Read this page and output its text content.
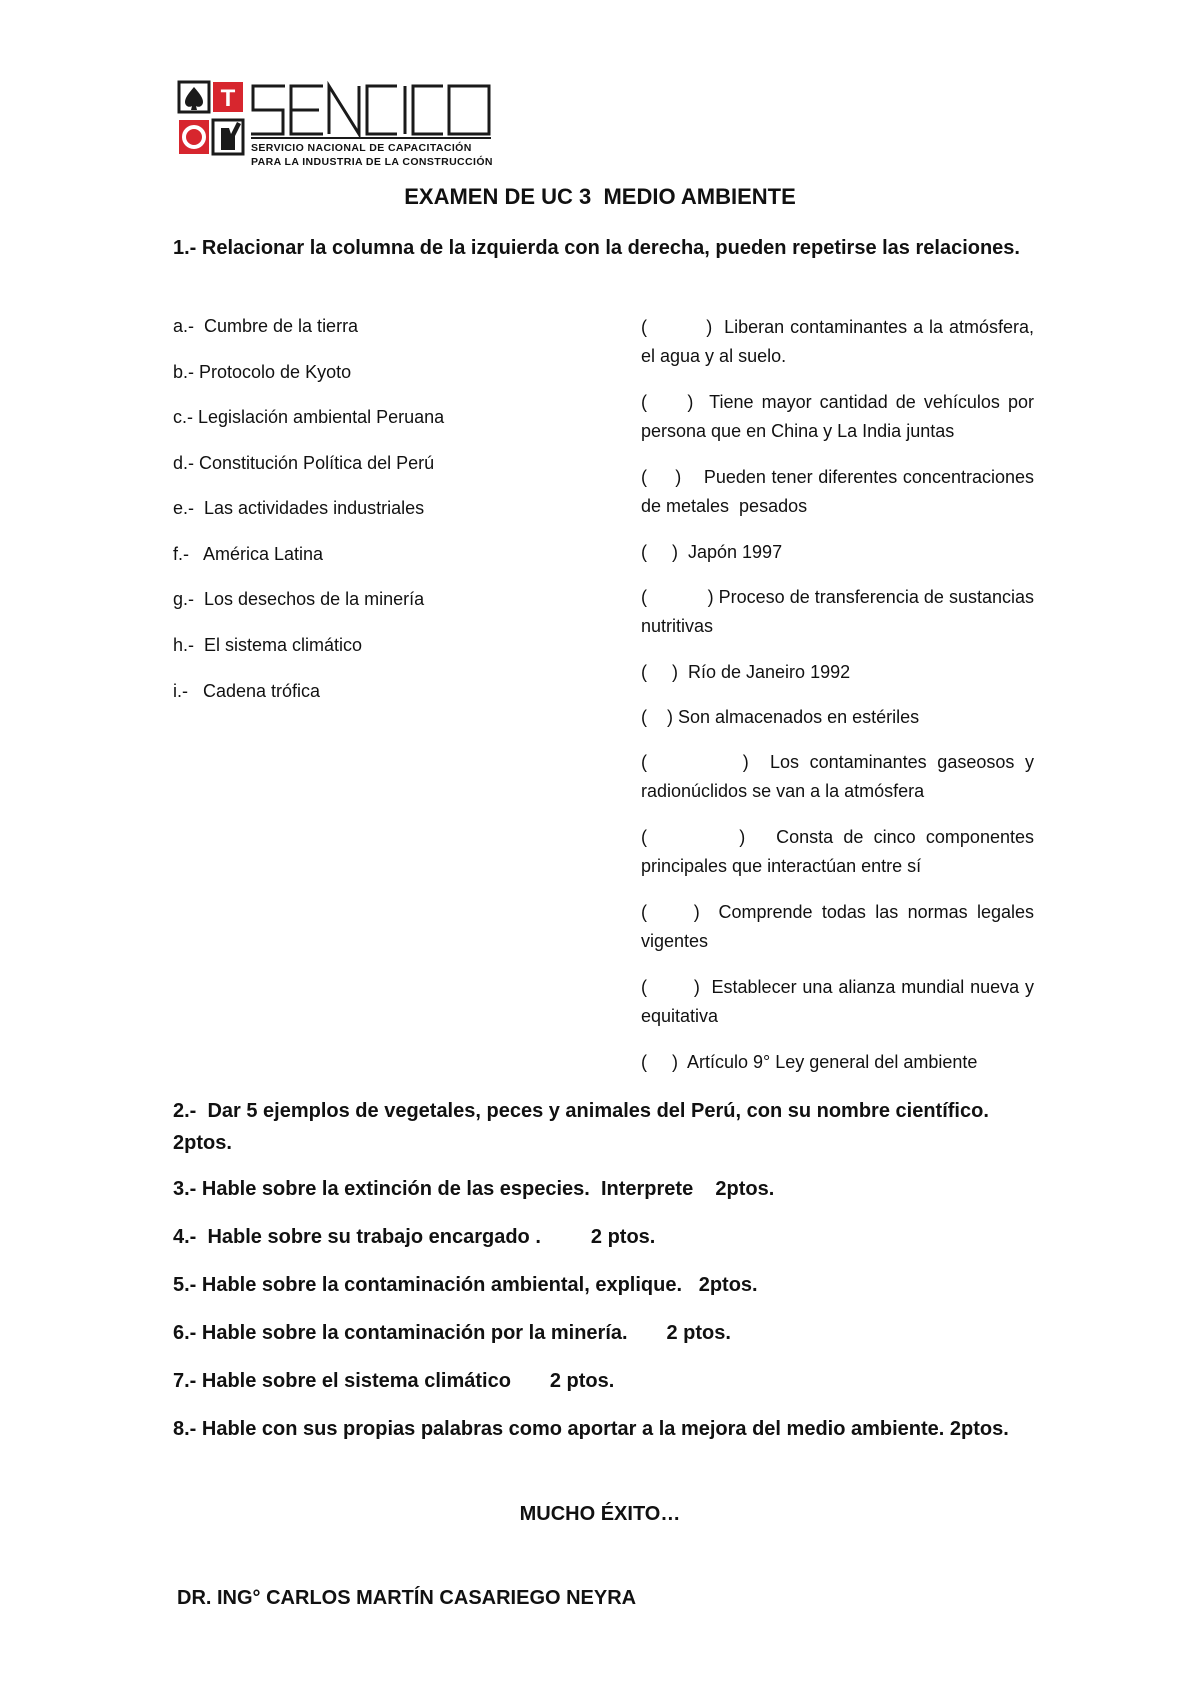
T
SERVICIO NACIONAL DE CAPACITACIÓN
PARA LA INDUSTRIA DE LA CONSTRUCCIÓN
EXAMEN DE UC 3  MEDIO AMBIENTE
1.- Relacionar la columna de la izquierda con la derecha, pueden repetirse las relaciones.
a.-  Cumbre de la tierra
b.- Protocolo de Kyoto
c.- Legislación ambiental Peruana
d.- Constitución Política del Perú
e.-  Las actividades industriales
f.-   América Latina
g.-  Los desechos de la minería
h.-  El sistema climático
i.-   Cadena trófica
(          )  Liberan contaminantes a la atmósfera, el agua y al suelo.
(     )  Tiene mayor cantidad de vehículos por persona que en China y La India juntas
(     )    Pueden tener diferentes concentraciones de metales  pesados
(     )  Japón 1997
(            ) Proceso de transferencia de sustancias nutritivas
(     )  Río de Janeiro 1992
(    ) Son almacenados en estériles
(         )  Los contaminantes gaseosos y radionúclidos se van a la atmósfera
(         )   Consta de cinco componentes principales que interactúan entre sí
(     )  Comprende todas las normas legales vigentes
(        )  Establecer una alianza mundial nueva y equitativa
(     )  Artículo 9° Ley general del ambiente
2.-  Dar 5 ejemplos de vegetales, peces y animales del Perú, con su nombre científico. 2ptos.
3.- Hable sobre la extinción de las especies.  Interprete    2ptos.
4.-  Hable sobre su trabajo encargado .         2 ptos.
5.- Hable sobre la contaminación ambiental, explique.   2ptos.
6.- Hable sobre la contaminación por la minería.       2 ptos.
7.- Hable sobre el sistema climático       2 ptos.
8.- Hable con sus propias palabras como aportar a la mejora del medio ambiente. 2ptos.
MUCHO ÉXITO…
DR. ING° CARLOS MARTÍN CASARIEGO NEYRA
